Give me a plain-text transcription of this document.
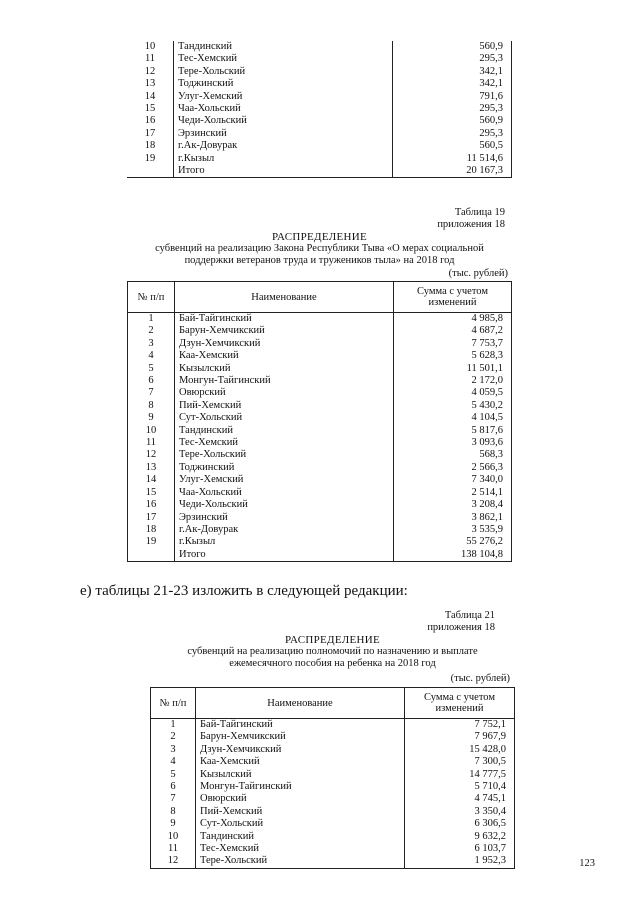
10	Тандинский	560,9
11	Тес-Хемский	295,3
12	Тере-Хольский	342,1
13	Тоджинский	342,1
14	Улуг-Хемский	791,6
15	Чаа-Хольский	295,3
16	Чеди-Хольский	560,9
17	Эрзинский	295,3
18	г.Ак-Довурак	560,5
19	г.Кызыл	11 514,6
	Итого	20 167,3
Таблица 19
приложения 18
РАСПРЕДЕЛЕНИЕ
субвенций на реализацию Закона Республики Тыва «О мерах социальной
поддержки ветеранов труда и тружеников тыла» на 2018 год
(тыс. рублей)
№ п/п	Наименование	Сумма с учетом
изменений

1	Бай-Тайгинский	4 985,8
2	Барун-Хемчикский	4 687,2
3	Дзун-Хемчикский	7 753,7
4	Каа-Хемский	5 628,3
5	Кызылский	11 501,1
6	Монгун-Тайгинский	2 172,0
7	Овюрский	4 059,5
8	Пий-Хемский	5 430,2
9	Сут-Хольский	4 104,5
10	Тандинский	5 817,6
11	Тес-Хемский	3 093,6
12	Тере-Хольский	568,3
13	Тоджинский	2 566,3
14	Улуг-Хемский	7 340,0
15	Чаа-Хольский	2 514,1
16	Чеди-Хольский	3 208,4
17	Эрзинский	3 862,1
18	г.Ак-Довурак	3 535,9
19	г.Кызыл	55 276,2
	Итого	138 104,8
е) таблицы 21-23 изложить в следующей редакции:
Таблица 21
приложения 18
РАСПРЕДЕЛЕНИЕ
субвенций на реализацию полномочий по назначению и выплате
ежемесячного пособия на ребенка на 2018 год
(тыс. рублей)
№ п/п	Наименование	Сумма с учетом
изменений

1	Бай-Тайгинский	7 752,1
2	Барун-Хемчикский	7 967,9
3	Дзун-Хемчикский	15 428,0
4	Каа-Хемский	7 300,5
5	Кызылский	14 777,5
6	Монгун-Тайгинский	5 710,4
7	Овюрский	4 745,1
8	Пий-Хемский	3 350,4
9	Сут-Хольский	6 306,5
10	Тандинский	9 632,2
11	Тес-Хемский	6 103,7
12	Тере-Хольский	1 952,3	123
